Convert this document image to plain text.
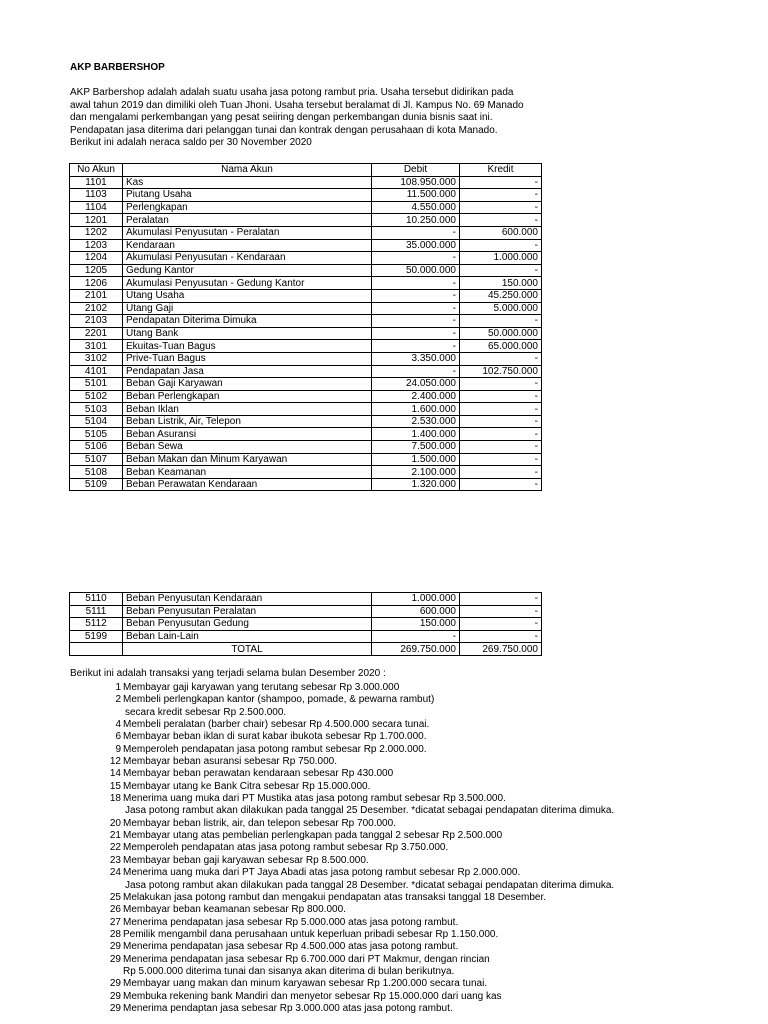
AKP BARBERSHOP
AKP Barbershop adalah adalah suatu usaha jasa potong rambut pria. Usaha tersebut didirikan pada
awal tahun 2019 dan dimiliki oleh Tuan Jhoni. Usaha tersebut beralamat di Jl. Kampus No. 69 Manado
dan mengalami perkembangan yang pesat seiiring dengan perkembangan dunia bisnis saat ini.
Pendapatan jasa diterima dari pelanggan tunai dan kontrak dengan perusahaan di kota Manado.
Berikut ini adalah neraca saldo per 30 November 2020
No Akun	Nama Akun	Debit	Kredit
1101	Kas	108.950.000	-
1103	Piutang Usaha	11.500.000	-
1104	Perlengkapan	4.550.000	-
1201	Peralatan	10.250.000	-
1202	Akumulasi Penyusutan - Peralatan	-	600.000
1203	Kendaraan	35.000.000	-
1204	Akumulasi Penyusutan - Kendaraan	-	1.000.000
1205	Gedung Kantor	50.000.000	-
1206	Akumulasi Penyusutan - Gedung Kantor	-	150.000
2101	Utang Usaha	-	45.250.000
2102	Utang Gaji	-	5.000.000
2103	Pendapatan Diterima Dimuka	-	-
2201	Utang Bank	-	50.000.000
3101	Ekuitas-Tuan Bagus	-	65.000.000
3102	Prive-Tuan Bagus	3.350.000	-
4101	Pendapatan Jasa	-	102.750.000
5101	Beban Gaji Karyawan	24.050.000	-
5102	Beban Perlengkapan	2.400.000	-
5103	Beban Iklan	1.600.000	-
5104	Beban Listrik, Air, Telepon	2.530.000	-
5105	Beban Asuransi	1.400.000	-
5106	Beban Sewa	7.500.000	-
5107	Beban Makan dan Minum Karyawan	1.500.000	-
5108	Beban Keamanan	2.100.000	-
5109	Beban Perawatan Kendaraan	1.320.000	-
5110	Beban Penyusutan Kendaraan	1.000.000	-
5111	Beban Penyusutan Peralatan	600.000	-
5112	Beban Penyusutan Gedung	150.000	-
5199	Beban Lain-Lain	-	-
	TOTAL	269.750.000	269.750.000
Berikut ini adalah transaksi yang terjadi selama bulan Desember 2020 :
1 Membayar gaji karyawan yang terutang sebesar Rp 3.000.000
2 Membeli perlengkapan kantor (shampoo, pomade, & pewarna rambut)
secara kredit sebesar Rp 2.500.000.
4 Membeli peralatan (barber chair) sebesar Rp 4.500.000 secara tunai.
6 Membayar beban iklan di surat kabar ibukota sebesar Rp 1.700.000.
9 Memperoleh pendapatan jasa potong rambut sebesar Rp 2.000.000.
12 Membayar beban asuransi sebesar Rp 750.000.
14 Membayar beban perawatan kendaraan sebesar Rp 430.000
15 Membayar utang ke Bank Citra sebesar Rp 15.000.000.
18 Menerima uang muka dari PT Mustika atas jasa potong rambut sebesar Rp 3.500.000.
Jasa potong rambut akan dilakukan pada tanggal 25 Desember. *dicatat sebagai pendapatan diterima dimuka.
20 Membayar beban listrik, air, dan telepon sebesar Rp 700.000.
21 Membayar utang atas pembelian perlengkapan pada tanggal 2 sebesar Rp 2.500.000
22 Memperoleh pendapatan atas jasa potong rambut sebesar Rp 3.750.000.
23 Membayar beban gaji karyawan sebesar Rp 8.500.000.
24 Menerima uang muka dari PT Jaya Abadi atas jasa potong rambut sebesar Rp 2.000.000.
Jasa potong rambut akan dilakukan pada tanggal 28 Desember. *dicatat sebagai pendapatan diterima dimuka.
25 Melakukan jasa potong rambut dan mengakui pendapatan atas transaksi tanggal 18 Desember.
26 Membayar beban keamanan sebesar Rp 800.000.
27 Menerima pendapatan jasa sebesar Rp 5.000.000 atas jasa potong rambut.
28 Pemilik mengambil dana perusahaan untuk keperluan pribadi sebesar Rp 1.150.000.
29 Menerima pendapatan jasa sebesar Rp 4.500.000 atas jasa potong rambut.
29 Menerima pendapatan jasa sebesar Rp 6.700.000 dari PT Makmur, dengan rincian
Rp 5.000.000 diterima tunai dan sisanya akan diterima di bulan berikutnya.
29 Membayar uang makan dan minum karyawan sebesar Rp 1.200.000 secara tunai.
29 Membuka rekening bank Mandiri dan menyetor sebesar Rp 15.000.000 dari uang kas
29 Menerima pendaptan jasa sebesar Rp 3.000.000 atas jasa potong rambut.
